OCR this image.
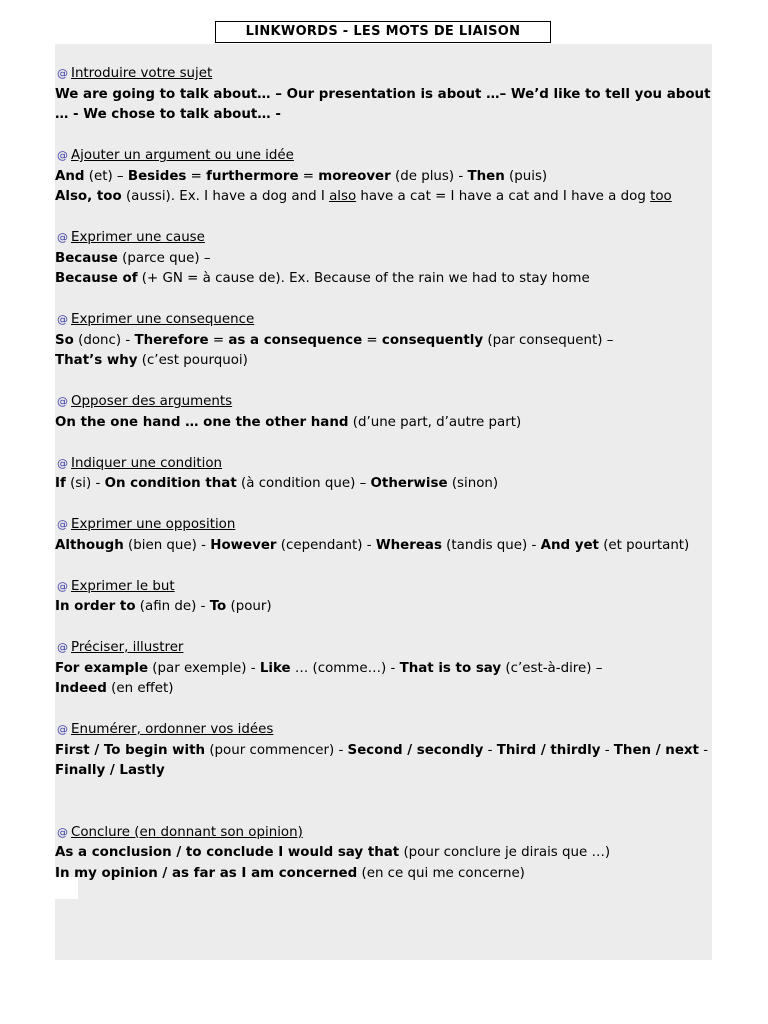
LINKWORDS - LES MOTS DE LIAISON
@ Introduire votre sujet
We are going to talk about… – Our presentation is about …– We’d like to tell you about … - We chose to talk about… -
@ Ajouter un argument ou une idée
And (et) – Besides = furthermore = moreover (de plus) - Then (puis)
Also, too (aussi). Ex. I have a dog and I also have a cat = I have a cat and I have a dog too
@ Exprimer une cause
Because (parce que) –
Because of (+ GN = à cause de). Ex. Because of the rain we had to stay home
@ Exprimer une consequence
So (donc) - Therefore = as a consequence = consequently (par consequent) –
That’s why (c’est pourquoi)
@ Opposer des arguments
On the one hand … one the other hand (d’une part, d’autre part)
@ Indiquer une condition
If (si) - On condition that (à condition que) – Otherwise (sinon)
@ Exprimer une opposition
Although (bien que) - However (cependant) - Whereas (tandis que) - And yet (et pourtant)
@ Exprimer le but
In order to (afin de) - To (pour)
@ Préciser, illustrer
For example (par exemple) - Like … (comme…) - That is to say (c’est-à-dire) –
Indeed (en effet)
@ Enumérer, ordonner vos idées
First / To begin with (pour commencer) - Second / secondly - Third / thirdly - Then / next - Finally / Lastly
@ Conclure (en donnant son opinion)
As a conclusion / to conclude I would say that (pour conclure je dirais que …)
In my opinion / as far as I am concerned (en ce qui me concerne)
